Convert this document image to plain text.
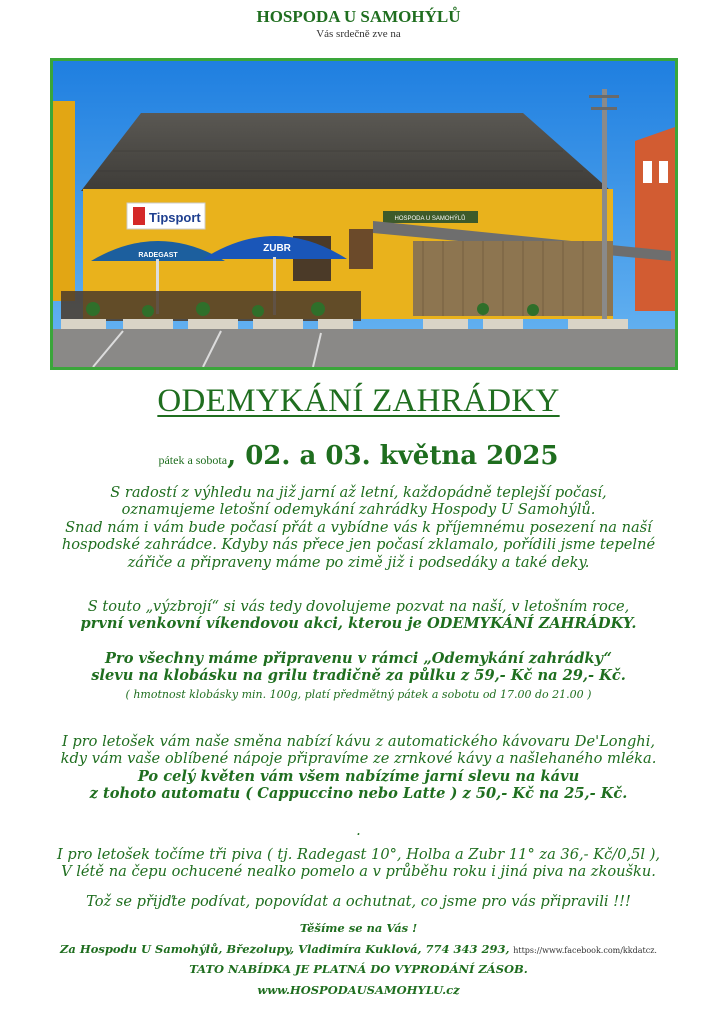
HOSPODA U SAMOHÝLŮ
Vás srdečně zve na
Tipsport	HOSPODA U SAMOHÝLŮ
RADEGAST
ZUBR
ODEMYKÁNÍ ZAHRÁDKY
pátek a sobota, 02. a 03. května 2025
S radostí z výhledu na již jarní až letní, každopádně teplejší počasí,
oznamujeme letošní odemykání zahrádky Hospody U Samohýlů.
Snad nám i vám bude počasí přát a vybídne vás k příjemnému posezení na naší
hospodské zahrádce. Kdyby nás přece jen počasí zklamalo, pořídili jsme tepelné
zářiče a připraveny máme po zimě již i podsedáky a také deky.
S touto „výzbrojí“ si vás tedy dovolujeme pozvat na naší, v letošním roce,
první venkovní víkendovou akci, kterou je ODEMYKÁNÍ ZAHRÁDKY.
Pro všechny máme připravenu v rámci „Odemykání zahrádky“
slevu na klobásku na grilu tradičně za půlku z 59,- Kč na 29,- Kč.
( hmotnost klobásky min. 100g, platí předmětný pátek a sobotu od 17.00 do 21.00 )
I pro letošek vám naše směna nabízí kávu z automatického kávovaru De'Longhi,
kdy vám vaše oblíbené nápoje připravíme ze zrnkové kávy a našlehaného mléka.
Po celý květen vám všem nabízíme jarní slevu na kávu
z tohoto automatu ( Cappuccino nebo Latte ) z 50,- Kč na 25,- Kč.
.
I pro letošek točíme tři piva ( tj. Radegast 10°, Holba a Zubr 11° za 36,- Kč/0,5l ),
V létě na čepu ochucené nealko pomelo a v průběhu roku i jiná piva na zkoušku.
Tož se přijďte podívat, popovídat a ochutnat, co jsme pro vás připravili !!!
Těšíme se na Vás !
Za Hospodu U Samohýlů, Březolupy, Vladimíra Kuklová, 774 343 293, https://www.facebook.com/kkdatcz.
TATO NABÍDKA JE PLATNÁ DO VYPRODÁNÍ ZÁSOB.
www.HOSPODAUSAMOHYLU.cz
